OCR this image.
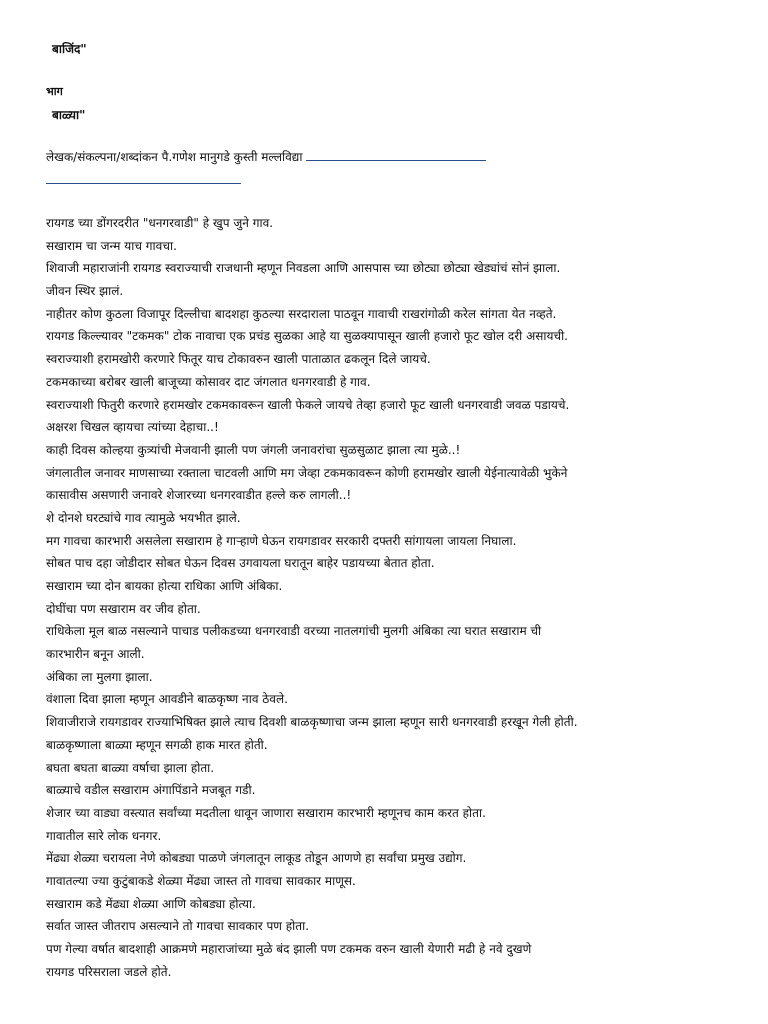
बाजिंद"
भाग
बाळ्या"
लेखक/संकल्पना/शब्दांकन पै.गणेश मानुगडे कुस्ती मल्लविद्या
रायगड च्या डोंगरदरीत "धनगरवाडी" हे खुप जुने गाव.
सखाराम चा जन्म याच गावचा.
शिवाजी महाराजांनी रायगड स्वराज्याची राजधानी म्हणून निवडला आणि आसपास च्या छोट्या छोट्या खेड्यांचं सोनं झाला.
जीवन स्थिर झालं.
नाहीतर कोण कुठला विजापूर दिल्लीचा बादशहा कुठल्या सरदाराला पाठवून गावाची राखरांगोळी करेल सांगता येत नव्हते.
रायगड किल्ल्यावर "टकमक" टोक नावाचा एक प्रचंड सुळका आहे या सुळक्यापासून खाली हजारो फूट खोल दरी असायची.
स्वराज्याशी हरामखोरी करणारे फितूर याच टोकावरुन खाली पाताळात ढकलून दिले जायचे.
टकमकाच्या बरोबर खाली बाजूच्या कोसावर दाट जंगलात धनगरवाडी हे गाव.
स्वराज्याशी फितुरी करणारे हरामखोर टकमकावरून खाली फेकले जायचे तेव्हा हजारो फूट खाली धनगरवाडी जवळ पडायचे.
अक्षरश चिखल व्हायचा त्यांच्या देहाचा..!
काही दिवस कोल्हया कुत्र्यांची मेजवानी झाली पण जंगली जनावरांचा सुळसुळाट झाला त्या मुळे..!
जंगलातील जनावर माणसाच्या रक्ताला चाटवली आणि मग जेव्हा टकमकावरून कोणी हरामखोर खाली येईनात्यावेळी भुकेने
कासावीस असणारी जनावरे शेजारच्या धनगरवाडीत हल्ले करु लागली..!
शे दोनशे घरट्यांचे गाव त्यामुळे भयभीत झाले.
मग गावचा कारभारी असलेला सखाराम हे गाऱ्हाणे घेऊन रायगडावर सरकारी दफ्तरी सांगायला जायला निघाला.
सोबत पाच दहा जोडीदार सोबत घेऊन दिवस उगवायला घरातून बाहेर पडायच्या बेतात होता.
सखाराम च्या दोन बायका होत्या राधिका आणि अंबिका.
दोघींचा पण सखाराम वर जीव होता.
राधिकेला मूल बाळ नसल्याने पाचाड पलीकडच्या धनगरवाडी वरच्या नातलगांची मुलगी अंबिका त्या घरात सखाराम ची
कारभारीन बनून आली.
अंबिका ला मुलगा झाला.
वंशाला दिवा झाला म्हणून आवडीने बाळकृष्ण नाव ठेवले.
शिवाजीराजे रायगडावर राज्याभिषिक्त झाले त्याच दिवशी बाळकृष्णाचा जन्म झाला म्हणून सारी धनगरवाडी हरखून गेली होती.
बाळकृष्णाला बाळ्या म्हणून सगळी हाक मारत होती.
बघता बघता बाळ्या वर्षाचा झाला होता.
बाळ्याचे वडील सखाराम अंगापिंडाने मजबूत गडी.
शेजार च्या वाड्या वस्त्यात सर्वांच्या मदतीला धावून जाणारा सखाराम कारभारी म्हणूनच काम करत होता.
गावातील सारे लोक धनगर.
मेंढ्या शेळ्या चरायला नेणे कोबड्या पाळणे जंगलातून लाकूड तोडून आणणे हा सर्वांचा प्रमुख उद्योग.
गावातल्या ज्या कुटुंबाकडे शेळ्या मेंढ्या जास्त तो गावचा सावकार माणूस.
सखाराम कडे मेंढ्या शेळ्या आणि कोबड्या होत्या.
सर्वात जास्त जीतराप असल्याने तो गावचा सावकार पण होता.
पण गेल्या वर्षात बादशाही आक्रमणे महाराजांच्या मुळे बंद झाली पण टकमक वरुन खाली येणारी मढी हे नवे दुखणे
रायगड परिसराला जडले होते.
